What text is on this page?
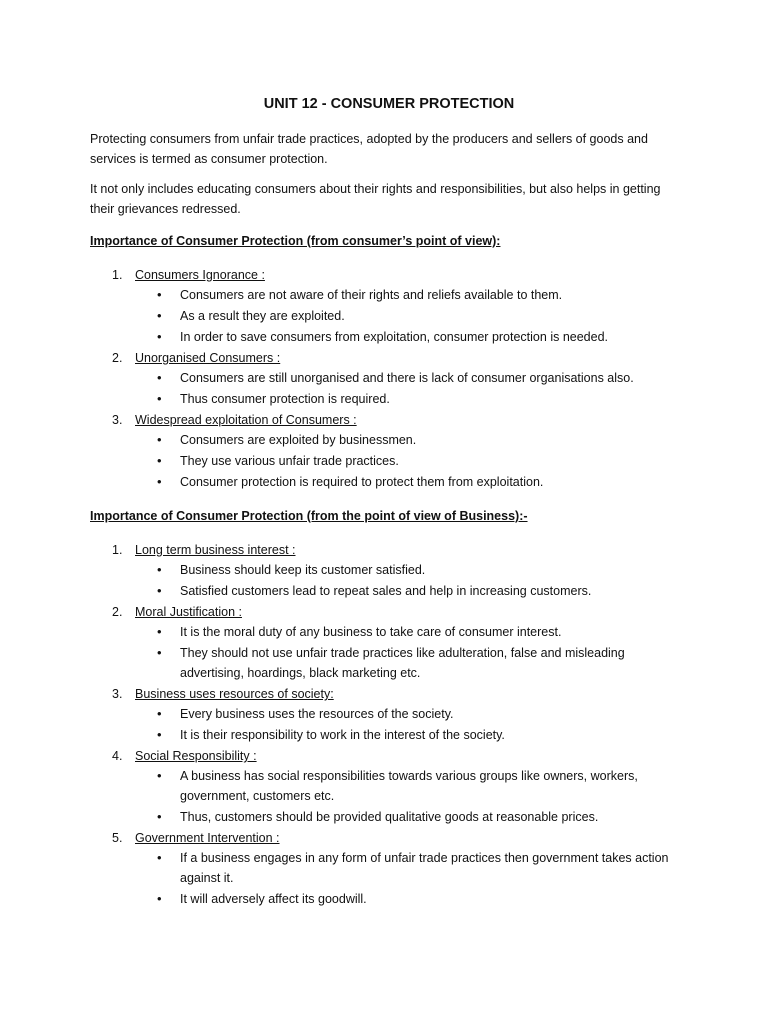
UNIT 12 - CONSUMER PROTECTION

Protecting consumers from unfair trade practices, adopted by the producers and sellers of goods and services is termed as consumer protection.

It not only includes educating consumers about their rights and responsibilities, but also helps in getting their grievances redressed.

Importance of Consumer Protection (from consumer’s point of view):
1. Consumers Ignorance :
• Consumers are not aware of their rights and reliefs available to them.
• As a result they are exploited.
• In order to save consumers from exploitation, consumer protection is needed.
2. Unorganised Consumers :
• Consumers are still unorganised and there is lack of consumer organisations also.
• Thus consumer protection is required.
3. Widespread exploitation of Consumers :
• Consumers are exploited by businessmen.
• They use various unfair trade practices.
• Consumer protection is required to protect them from exploitation.
Importance of Consumer Protection (from the point of view of Business):-
1. Long term business interest :
• Business should keep its customer satisfied.
• Satisfied customers lead to repeat sales and help in increasing customers.
2. Moral Justification :
• It is the moral duty of any business to take care of consumer interest.
• They should not use unfair trade practices like adulteration, false and misleading advertising, hoardings, black marketing etc.
3. Business uses resources of society:
• Every business uses the resources of the society.
• It is their responsibility to work in the interest of the society.
4. Social Responsibility :
• A business has social responsibilities towards various groups like owners, workers, government, customers etc.
• Thus, customers should be provided qualitative goods at reasonable prices.
5. Government Intervention :
• If a business engages in any form of unfair trade practices then government takes action against it.
• It will adversely affect its goodwill.
